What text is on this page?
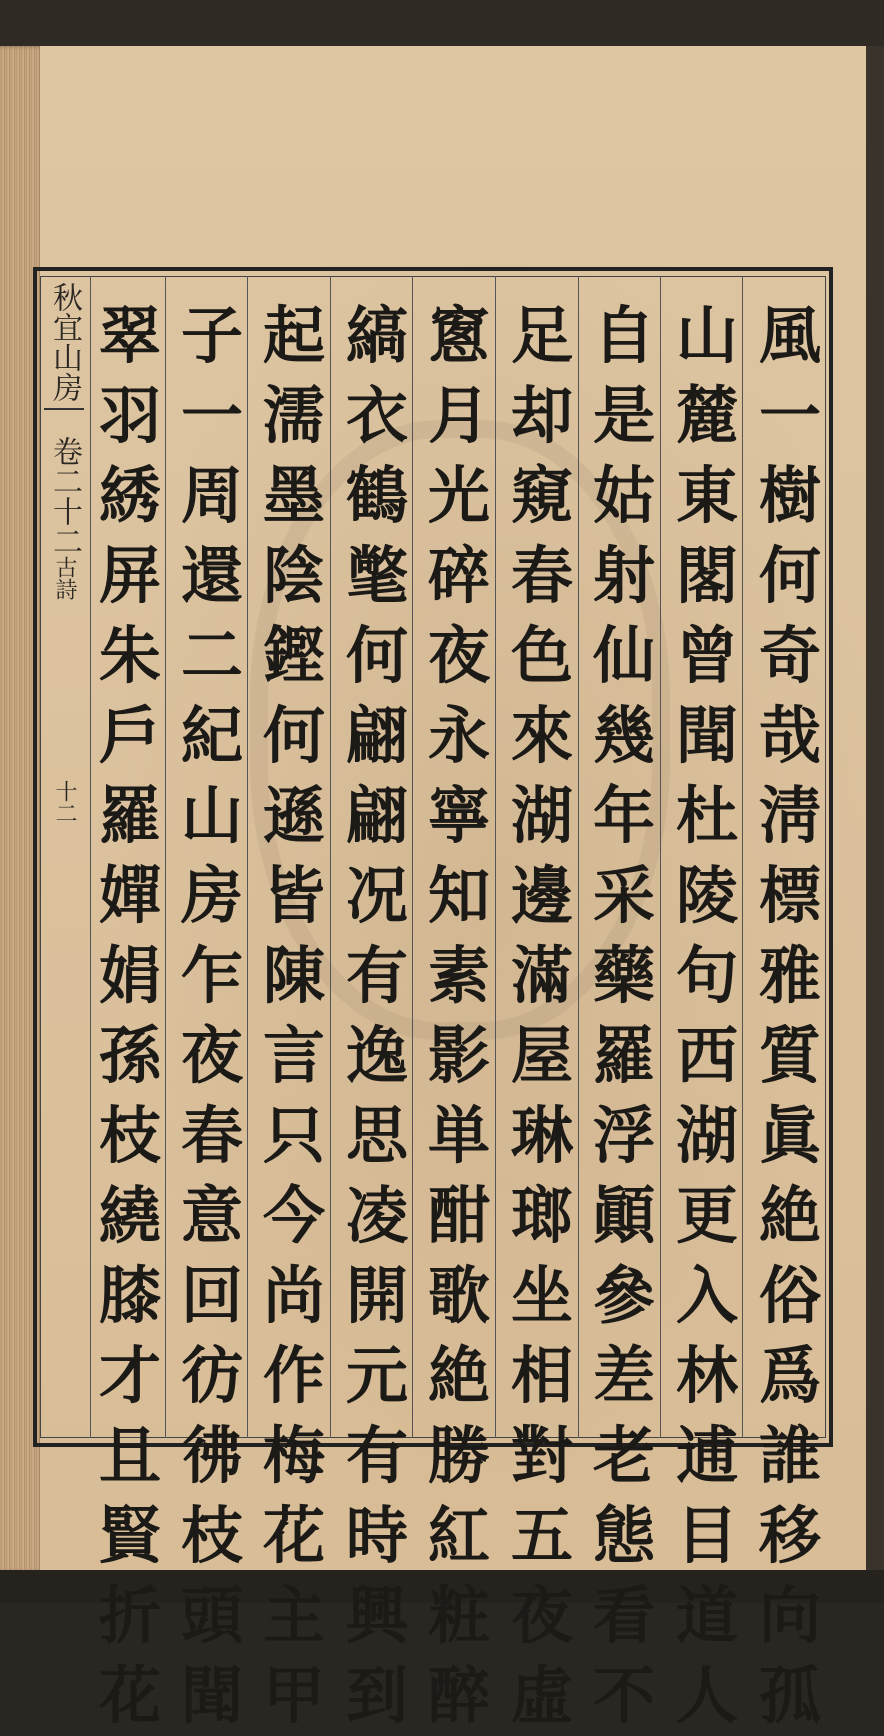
秋宜山房
卷二十二
古詩
十二
風
一
樹
何
奇
哉
淸
標
雅
質
眞
絶
俗
爲
誰
移
向
孤
山
麓
東
閣
曾
聞
杜
陵
句
西
湖
更
入
林
逋
目
道
人
自
是
姑
射
仙
幾
年
采
藥
羅
浮
顚
參
差
老
態
看
不
足
却
窺
春
色
來
湖
邊
滿
屋
琳
瑯
坐
相
對
五
夜
虛
窻
月
光
碎
夜
永
寧
知
素
影
単
酣
歌
絶
勝
紅
粧
醉
縞
衣
鶴
氅
何
翩
翩
况
有
逸
思
凌
開
元
有
時
興
到
起
濡
墨
陰
鏗
何
遜
皆
陳
言
只
今
尚
作
梅
花
主
甲
子
一
周
還
二
紀
山
房
乍
夜
春
意
回
彷
彿
枝
頭
聞
翠
羽
綉
屏
朱
戶
羅
嬋
娟
孫
枝
繞
膝
才
且
賢
折
花
